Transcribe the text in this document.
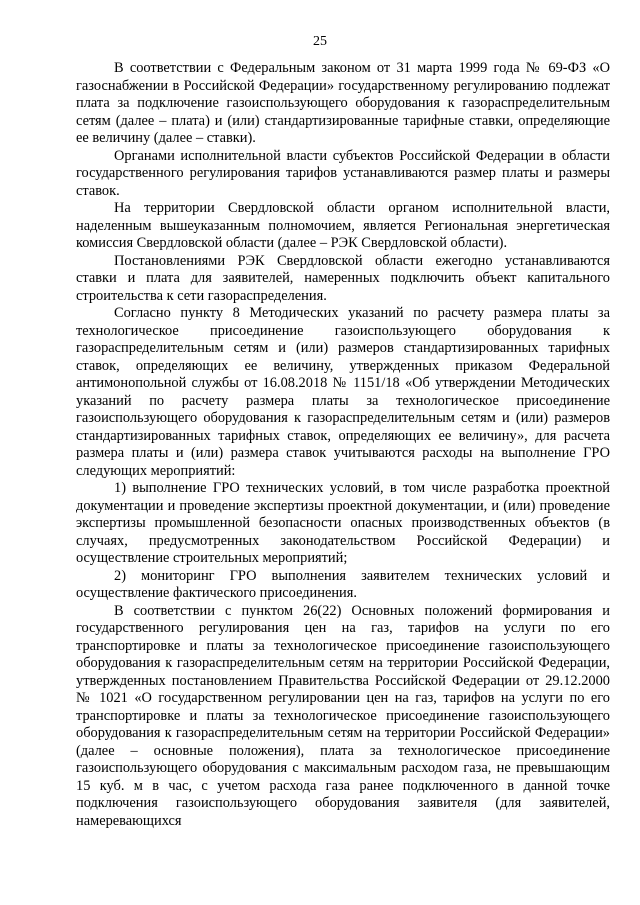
25

В соответствии с Федеральным законом от 31 марта 1999 года № 69-ФЗ «О газоснабжении в Российской Федерации» государственному регулированию подлежат плата за подключение газоиспользующего оборудования к газораспределительным сетям (далее – плата) и (или) стандартизированные тарифные ставки, определяющие ее величину (далее – ставки).

Органами исполнительной власти субъектов Российской Федерации в области государственного регулирования тарифов устанавливаются размер платы и размеры ставок.

На территории Свердловской области органом исполнительной власти, наделенным вышеуказанным полномочием, является Региональная энергетическая комиссия Свердловской области (далее – РЭК Свердловской области).

Постановлениями РЭК Свердловской области ежегодно устанавливаются ставки и плата для заявителей, намеренных подключить объект капитального строительства к сети газораспределения.

Согласно пункту 8 Методических указаний по расчету размера платы за технологическое присоединение газоиспользующего оборудования к газораспределительным сетям и (или) размеров стандартизированных тарифных ставок, определяющих ее величину, утвержденных приказом Федеральной антимонопольной службы от 16.08.2018 № 1151/18 «Об утверждении Методических указаний по расчету размера платы за технологическое присоединение газоиспользующего оборудования к газораспределительным сетям и (или) размеров стандартизированных тарифных ставок, определяющих ее величину», для расчета размера платы и (или) размера ставок учитываются расходы на выполнение ГРО следующих мероприятий:

1) выполнение ГРО технических условий, в том числе разработка проектной документации и проведение экспертизы проектной документации, и (или) проведение экспертизы промышленной безопасности опасных производственных объектов (в случаях, предусмотренных законодательством Российской Федерации) и осуществление строительных мероприятий;

2) мониторинг ГРО выполнения заявителем технических условий и осуществление фактического присоединения.

В соответствии с пунктом 26(22) Основных положений формирования и государственного регулирования цен на газ, тарифов на услуги по его транспортировке и платы за технологическое присоединение газоиспользующего оборудования к газораспределительным сетям на территории Российской Федерации, утвержденных постановлением Правительства Российской Федерации от 29.12.2000 № 1021 «О государственном регулировании цен на газ, тарифов на услуги по его транспортировке и платы за технологическое присоединение газоиспользующего оборудования к газораспределительным сетям на территории Российской Федерации» (далее – основные положения), плата за технологическое присоединение газоиспользующего оборудования с максимальным расходом газа, не превышающим 15 куб. м в час, с учетом расхода газа ранее подключенного в данной точке подключения газоиспользующего оборудования заявителя (для заявителей, намеревающихся
